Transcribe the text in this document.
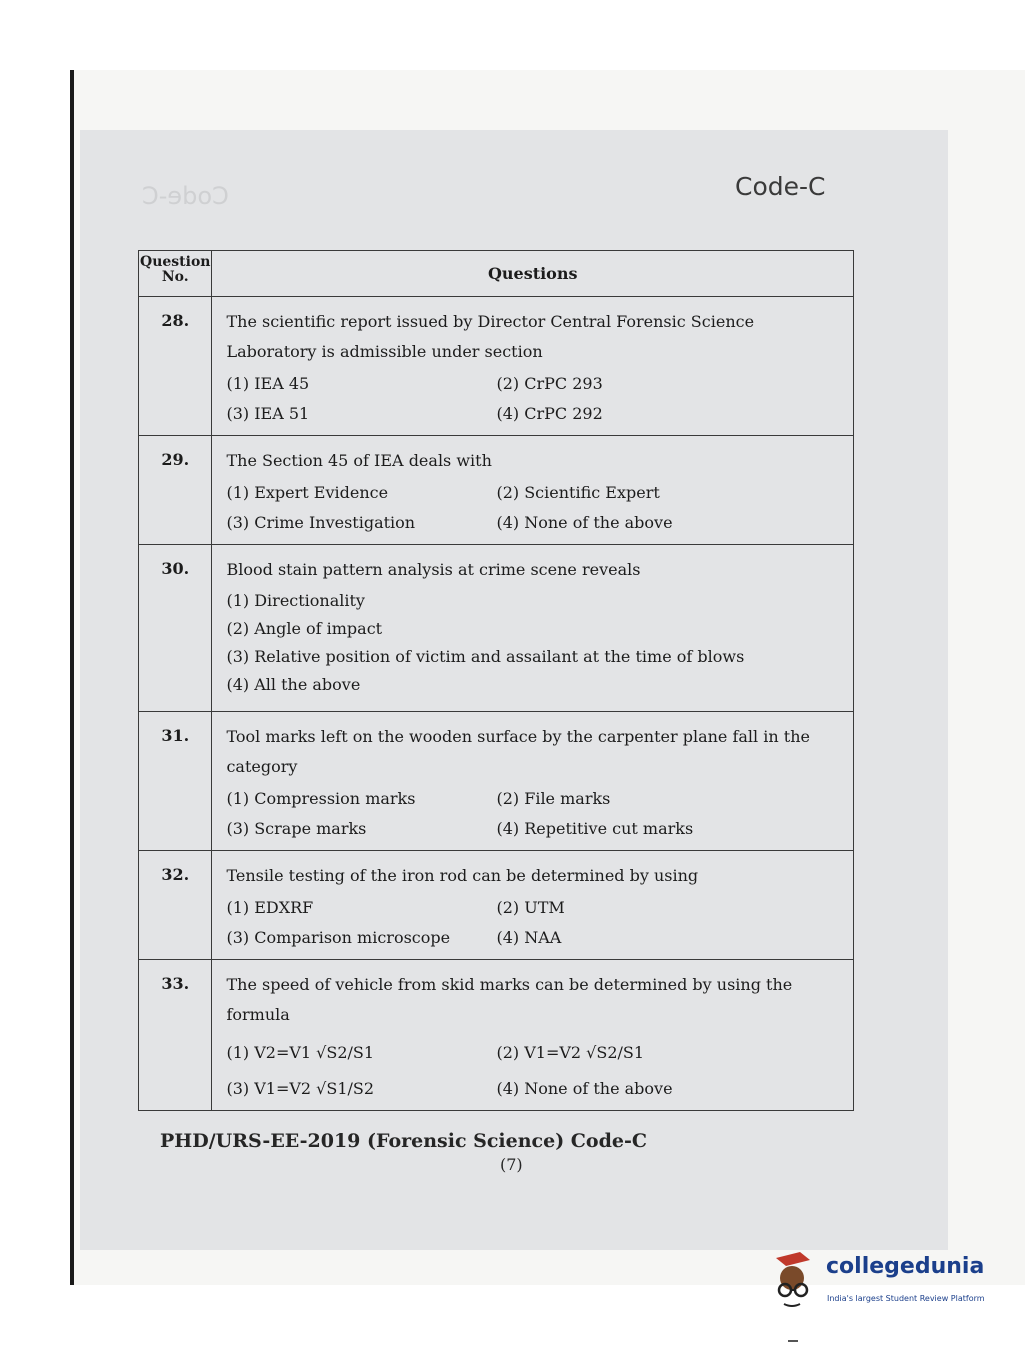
Code-C	Code-C
Question No.	Questions
28.	The scientific report issued by Director Central Forensic Science Laboratory is admissible under section
(1) IEA 45 (2) CrPC 293
(3) IEA 51 (4) CrPC 292

29.	The Section 45 of IEA deals with
(1) Expert Evidence (2) Scientific Expert
(3) Crime Investigation (4) None of the above

30.	Blood stain pattern analysis at crime scene reveals
(1) Directionality
(2) Angle of impact
(3) Relative position of victim and assailant at the time of blows
(4) All the above

31.	Tool marks left on the wooden surface by the carpenter plane fall in the category
(1) Compression marks (2) File marks
(3) Scrape marks (4) Repetitive cut marks

32.	Tensile testing of the iron rod can be determined by using
(1) EDXRF (2) UTM
(3) Comparison microscope (4) NAA

33.	The speed of vehicle from skid marks can be determined by using the formula
(1) V2=V1 √S2/S1 (2) V1=V2 √S2/S1
(3) V1=V2 √S1/S2 (4) None of the above
PHD/URS-EE-2019 (Forensic Science) Code-C
(7)
collegedunia
India's largest Student Review Platform
